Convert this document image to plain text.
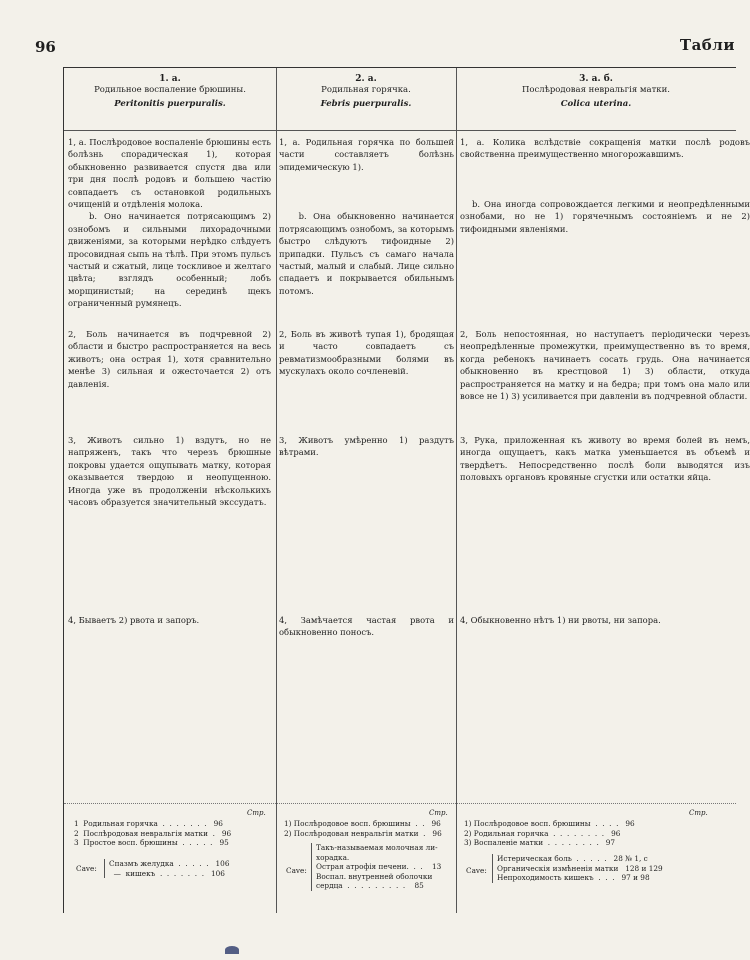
96	Табли
1. а.
Родильное воспаление брюшины.
Peritonitis puerpuralis.
2. а.
Родильная горячка.
Febris puerpuralis.
3. а. б.
Послѣродовая невральгія матки.
Colica uterina.
1, а. Послѣродовое воспаленіе брюшины есть болѣзнь спорадическая 1), которая обыкновенно развивается спустя два или три дня послѣ родовъ и большею частію совпадаетъ съ остановкой родильныхъ очищеній и отдѣленія молока.
b. Оно начинается потрясающимъ 2) ознобомъ и сильными лихорадочными движеніями, за которыми нерѣдко слѣдуетъ просовидная сыпь на тѣлѣ. При этомъ пульсъ частый и сжатый, лице тоскливое и желтаго цвѣта; взглядъ особенный; лобъ морщинистый; на серединѣ щекъ ограниченный румянецъ.
2, Боль начинается въ подчревной 2) области и быстро распространяется на весь животъ; она острая 1), хотя сравнительно менѣе 3) сильная и ожесточается 2) отъ давленія.
3, Животъ сильно 1) вздутъ, но не напряженъ, такъ что черезъ брюшные покровы удается ощупывать матку, которая оказывается твердою и неопущенною. Иногда уже въ продолженіи нѣсколькихъ часовъ образуется значительный экссудатъ.
4, Бываетъ 2) рвота и запоръ.
1, а. Родильная горячка по большей части составляетъ болѣзнь эпидемическую 1).

b. Она обыкновенно начинается потрясающимъ ознобомъ, за которымъ быстро слѣдуютъ тифоидные 2) припадки. Пульсъ съ самаго начала частый, малый и слабый. Лице сильно спадаетъ и покрывается обильнымъ потомъ.
2, Боль въ животѣ тупая 1), бродящая и часто совпадаетъ съ ревматизмообразными болями въ мускулахъ около сочленевій.
3, Животъ умѣренно 1) раздутъ вѣтрами.
4, Замѣчается частая рвота и обыкновенно поносъ.
1, а. Колика вслѣдствіе сокращенія матки послѣ родовъ свойственна преимущественно многорожавшимъ.

b. Она иногда сопровождается легкими и неопредѣленными ознобами, но не 1) горячечнымъ состояніемъ и не 2) тифоидными явленіями.
2, Боль непостоянная, но наступаетъ періодически черезъ неопредѣленные промежутки, преимущественно въ то время, когда ребенокъ начинаетъ сосать грудь. Она начинается обыкновенно въ крестцовой 1) 3) области, откуда распространяется на матку и на бедра; при томъ она мало или вовсе не 1) 3) усиливается при давленіи въ подчревной области.
3, Рука, приложенная къ животу во время болей въ немъ, иногда ощущаетъ, какъ матка уменьшается въ объемѣ и твердѣетъ. Непосредственно послѣ боли выводятся изъ половыхъ органовъ кровяные сгустки или остатки яйца.
4, Обыкновенно нѣтъ 1) ни рвоты, ни запора.
Стр.
1  Родильная горячка  .  .  .  .  .  .  .   96
2  Послѣродовая невральгія матки  .   96
3  Простое восп. брюшины  .  .  .  .  .   95
Cave:
Спазмъ желудка  .  .  .  .  .   106
—  кишекъ  .  .  .  .  .  .  .   106
Стр.
1) Послѣродовое восп. брюшины  .  .   96
2) Послѣродовая невральгія матки  .   96
Cave:
Такъ-называемая молочная ли-
хорадка.
Острая атрофія печени.  .  .    13
Воспал. внутренней оболочки
сердца  .  .  .  .  .  .  .  .  .    85
Стр.
1) Послѣродовое восп. брюшины  .  .  .  .   96
2) Родильная горячка  .  .  .  .  .  .  .  .   96
3) Воспаленіе матки  .  .  .  .  .  .  .  .   97
Cave:
Истерическая боль  .  .  .  .  .   28 № 1, с
Органическія измѣненія матки   128 и 129
Непроходимость кишекъ  .  .  .   97 и 98
